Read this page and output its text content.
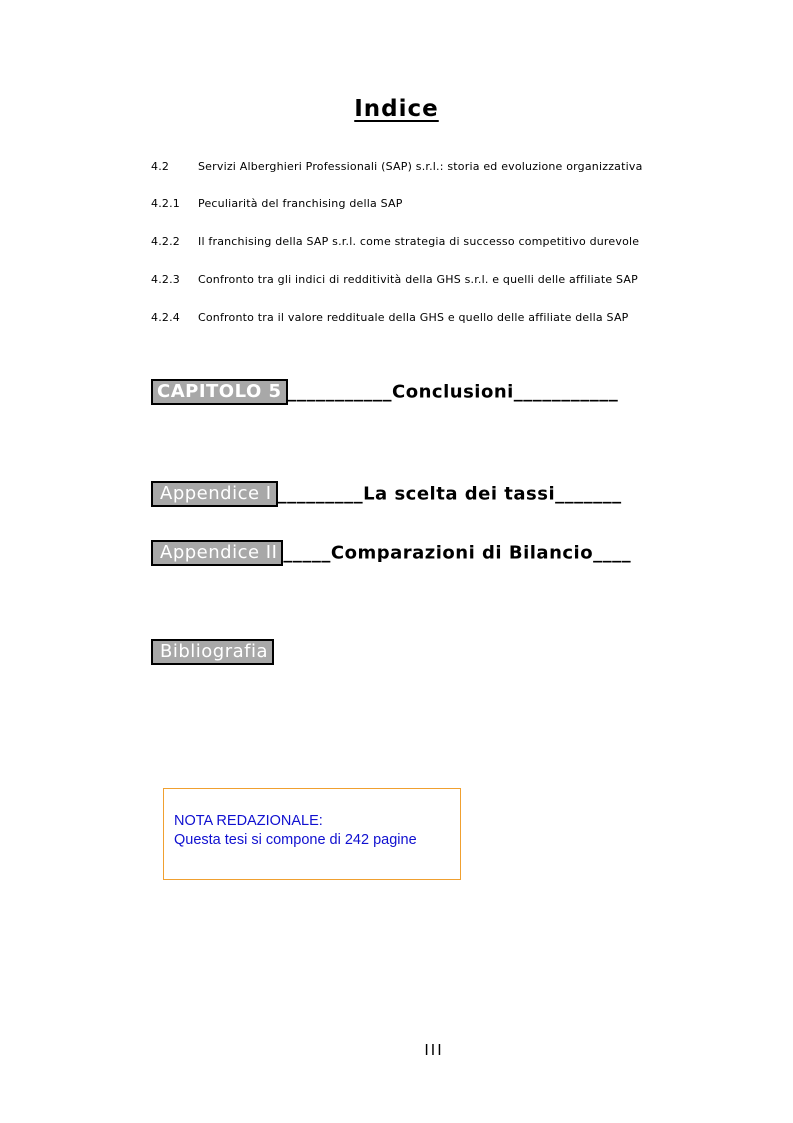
Indice
4.2	Servizi Alberghieri Professionali (SAP) s.r.l.: storia ed evoluzione organizzativa
4.2.1 Peculiarità del franchising della SAP
4.2.2 Il franchising della SAP s.r.l. come strategia di successo competitivo durevole
4.2.3 Confronto tra gli indici di redditività della GHS s.r.l. e quelli delle affiliate SAP
4.2.4 Confronto tra il valore reddituale della GHS e quello delle affiliate della SAP
CAPITOLO 5 ___________Conclusioni___________
Appendice I _________La scelta dei tassi_______
Appendice II _____Comparazioni di Bilancio____
Bibliografia
NOTA REDAZIONALE:
Questa tesi si compone di 242 pagine
III
